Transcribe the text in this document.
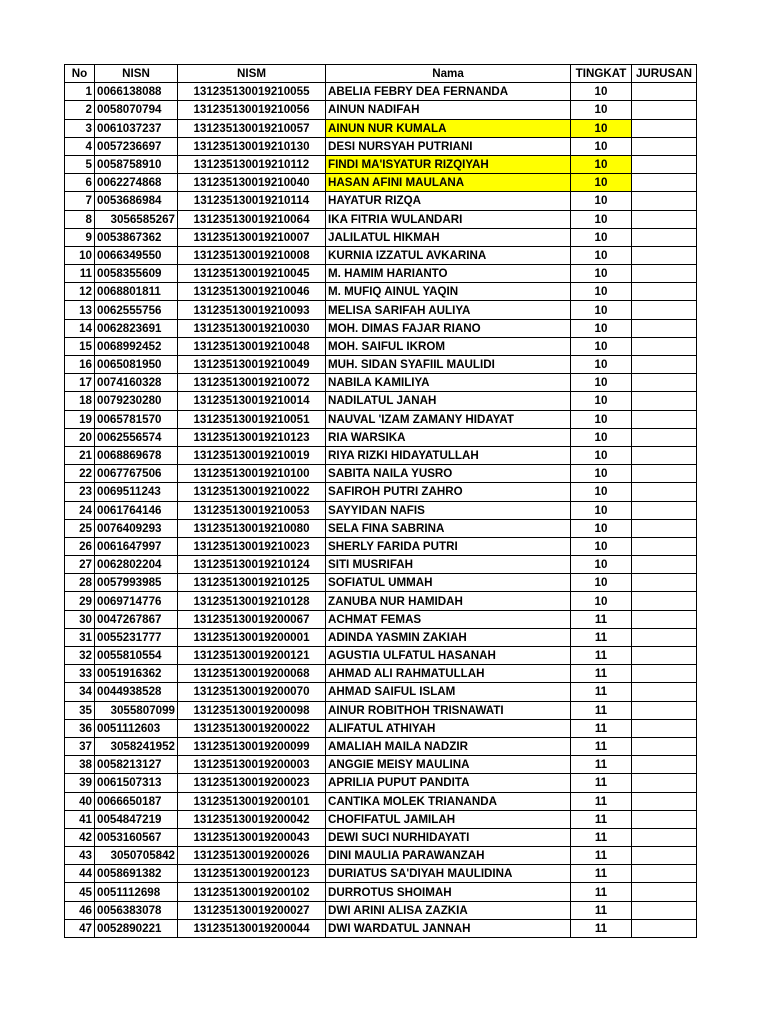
No	NISN	NISM	Nama	TINGKAT	JURUSAN
1	0066138088	131235130019210055	ABELIA FEBRY DEA FERNANDA	10	
2	0058070794	131235130019210056	AINUN NADIFAH	10	
3	0061037237	131235130019210057	AINUN NUR KUMALA	10	
4	0057236697	131235130019210130	DESI NURSYAH PUTRIANI	10	
5	0058758910	131235130019210112	FINDI MA'ISYATUR RIZQIYAH	10	
6	0062274868	131235130019210040	HASAN AFINI MAULANA	10	
7	0053686984	131235130019210114	HAYATUR RIZQA	10	
8	3056585267	131235130019210064	IKA FITRIA WULANDARI	10	
9	0053867362	131235130019210007	JALILATUL HIKMAH	10	
10	0066349550	131235130019210008	KURNIA IZZATUL AVKARINA	10	
11	0058355609	131235130019210045	M. HAMIM HARIANTO	10	
12	0068801811	131235130019210046	M. MUFIQ AINUL YAQIN	10	
13	0062555756	131235130019210093	MELISA SARIFAH AULIYA	10	
14	0062823691	131235130019210030	MOH. DIMAS FAJAR RIANO	10	
15	0068992452	131235130019210048	MOH. SAIFUL IKROM	10	
16	0065081950	131235130019210049	MUH. SIDAN SYAFIIL MAULIDI	10	
17	0074160328	131235130019210072	NABILA KAMILIYA	10	
18	0079230280	131235130019210014	NADILATUL JANAH	10	
19	0065781570	131235130019210051	NAUVAL 'IZAM ZAMANY HIDAYAT	10	
20	0062556574	131235130019210123	RIA WARSIKA	10	
21	0068869678	131235130019210019	RIYA RIZKI HIDAYATULLAH	10	
22	0067767506	131235130019210100	SABITA NAILA YUSRO	10	
23	0069511243	131235130019210022	SAFIROH PUTRI ZAHRO	10	
24	0061764146	131235130019210053	SAYYIDAN NAFIS	10	
25	0076409293	131235130019210080	SELA FINA SABRINA	10	
26	0061647997	131235130019210023	SHERLY FARIDA PUTRI	10	
27	0062802204	131235130019210124	SITI MUSRIFAH	10	
28	0057993985	131235130019210125	SOFIATUL UMMAH	10	
29	0069714776	131235130019210128	ZANUBA NUR HAMIDAH	10	
30	0047267867	131235130019200067	ACHMAT FEMAS	11	
31	0055231777	131235130019200001	ADINDA YASMIN ZAKIAH	11	
32	0055810554	131235130019200121	AGUSTIA ULFATUL HASANAH	11	
33	0051916362	131235130019200068	AHMAD ALI RAHMATULLAH	11	
34	0044938528	131235130019200070	AHMAD SAIFUL ISLAM	11	
35	3055807099	131235130019200098	AINUR ROBITHOH TRISNAWATI	11	
36	0051112603	131235130019200022	ALIFATUL ATHIYAH	11	
37	3058241952	131235130019200099	AMALIAH MAILA NADZIR	11	
38	0058213127	131235130019200003	ANGGIE MEISY MAULINA	11	
39	0061507313	131235130019200023	APRILIA PUPUT PANDITA	11	
40	0066650187	131235130019200101	CANTIKA MOLEK TRIANANDA	11	
41	0054847219	131235130019200042	CHOFIFATUL JAMILAH	11	
42	0053160567	131235130019200043	DEWI SUCI NURHIDAYATI	11	
43	3050705842	131235130019200026	DINI MAULIA PARAWANZAH	11	
44	0058691382	131235130019200123	DURIATUS SA'DIYAH MAULIDINA	11	
45	0051112698	131235130019200102	DURROTUS SHOIMAH	11	
46	0056383078	131235130019200027	DWI ARINI ALISA ZAZKIA	11	
47	0052890221	131235130019200044	DWI WARDATUL JANNAH	11	
